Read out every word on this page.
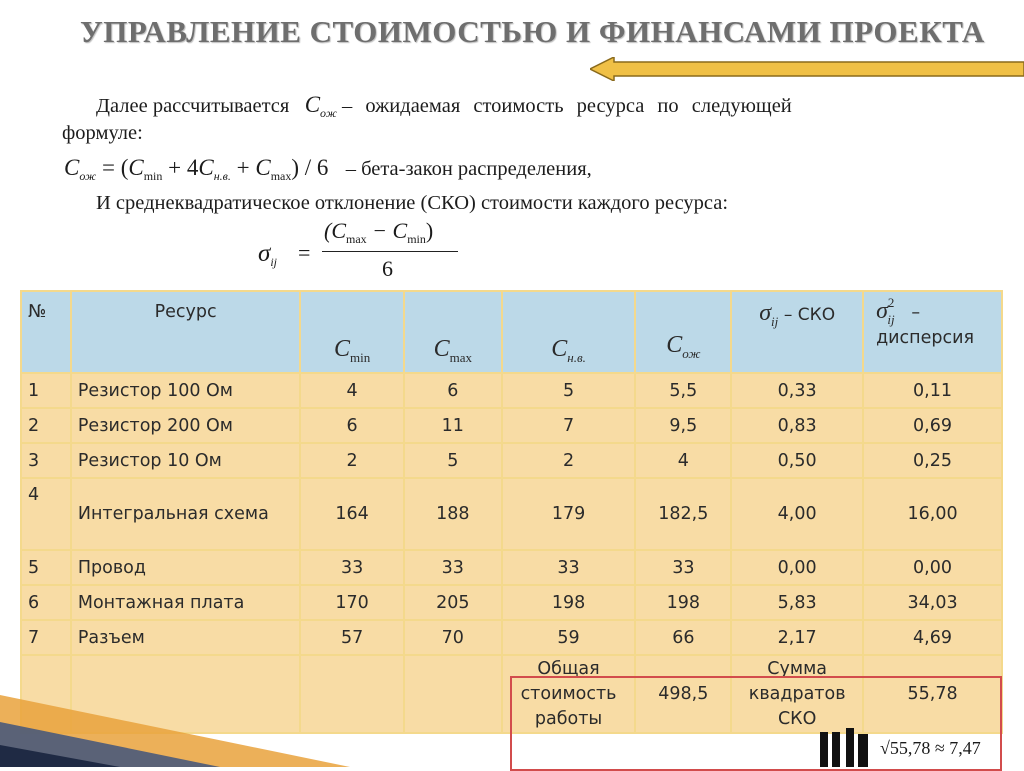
УПРАВЛЕНИЕ СТОИМОСТЬЮ И ФИНАНСАМИ ПРОЕКТА
Далее рассчитывается $C_{ож}$ – ожидаемая стоимость ресурса по следующей
формуле:
$C_{ож} = (C_{min} + 4C_{н.в.} + C_{max}) / 6$ – бета-закон распределения,
И среднеквадратическое отклонение (СКО) стоимости каждого ресурса:
$\sigma_{ij}$ =
$(C_{max} - C_{min})$
6
№	Ресурс	$C_{min}$	$C_{max}$	$C_{н.в.}$	$C_{ож}$	$\sigma_{ij}$ – СКО	$\sigma^2_{ij}$ –
дисперсия

1	Резистор 100 Ом	4	6	5	5,5	0,33	0,11
2	Резистор 200 Ом	6	11	7	9,5	0,83	0,69
3	Резистор 10 Ом	2	5	2	4	0,50	0,25
4	Интегральная схема	164	188	179	182,5	4,00	16,00
5	Провод	33	33	33	33	0,00	0,00
6	Монтажная плата	170	205	198	198	5,83	34,03
7	Разъем	57	70	59	66	2,17	4,69
				Общая стоимость работы	498,5	Сумма квадратов СКО	55,78
√55,78 ≈ 7,47
